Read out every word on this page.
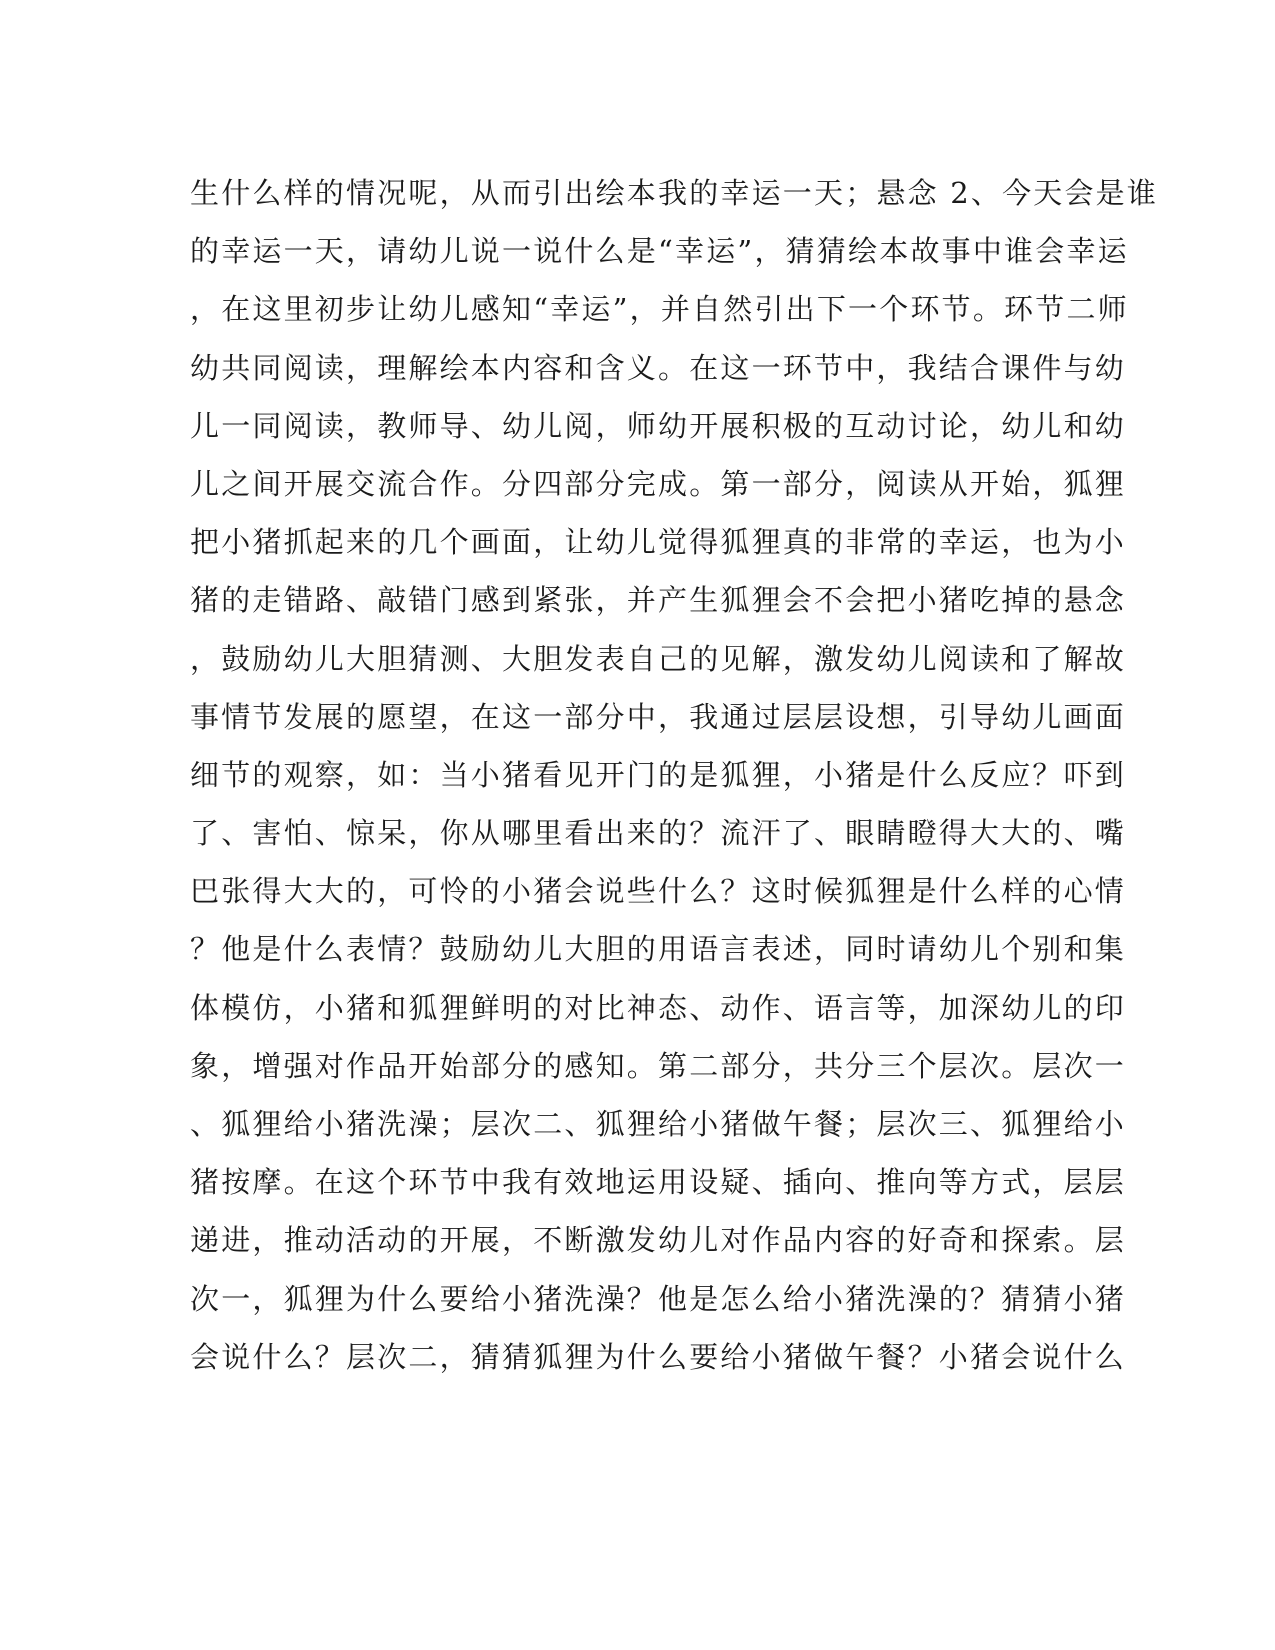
生什么样的情况呢，从而引出绘本我的幸运一天；悬念 2、今天会是谁
的幸运一天，请幼儿说一说什么是“幸运”，猜猜绘本故事中谁会幸运
，在这里初步让幼儿感知“幸运”，并自然引出下一个环节。环节二师
幼共同阅读，理解绘本内容和含义。在这一环节中，我结合课件与幼
儿一同阅读，教师导、幼儿阅，师幼开展积极的互动讨论，幼儿和幼
儿之间开展交流合作。分四部分完成。第一部分，阅读从开始，狐狸
把小猪抓起来的几个画面，让幼儿觉得狐狸真的非常的幸运，也为小
猪的走错路、敲错门感到紧张，并产生狐狸会不会把小猪吃掉的悬念
，鼓励幼儿大胆猜测、大胆发表自己的见解，激发幼儿阅读和了解故
事情节发展的愿望，在这一部分中，我通过层层设想，引导幼儿画面
细节的观察，如：当小猪看见开门的是狐狸，小猪是什么反应？吓到
了、害怕、惊呆，你从哪里看出来的？流汗了、眼睛瞪得大大的、嘴
巴张得大大的，可怜的小猪会说些什么？这时候狐狸是什么样的心情
？他是什么表情？鼓励幼儿大胆的用语言表述，同时请幼儿个别和集
体模仿，小猪和狐狸鲜明的对比神态、动作、语言等，加深幼儿的印
象，增强对作品开始部分的感知。第二部分，共分三个层次。层次一
、狐狸给小猪洗澡；层次二、狐狸给小猪做午餐；层次三、狐狸给小
猪按摩。在这个环节中我有效地运用设疑、插向、推向等方式，层层
递进，推动活动的开展，不断激发幼儿对作品内容的好奇和探索。层
次一，狐狸为什么要给小猪洗澡？他是怎么给小猪洗澡的？猜猜小猪
会说什么？层次二，猜猜狐狸为什么要给小猪做午餐？小猪会说什么
